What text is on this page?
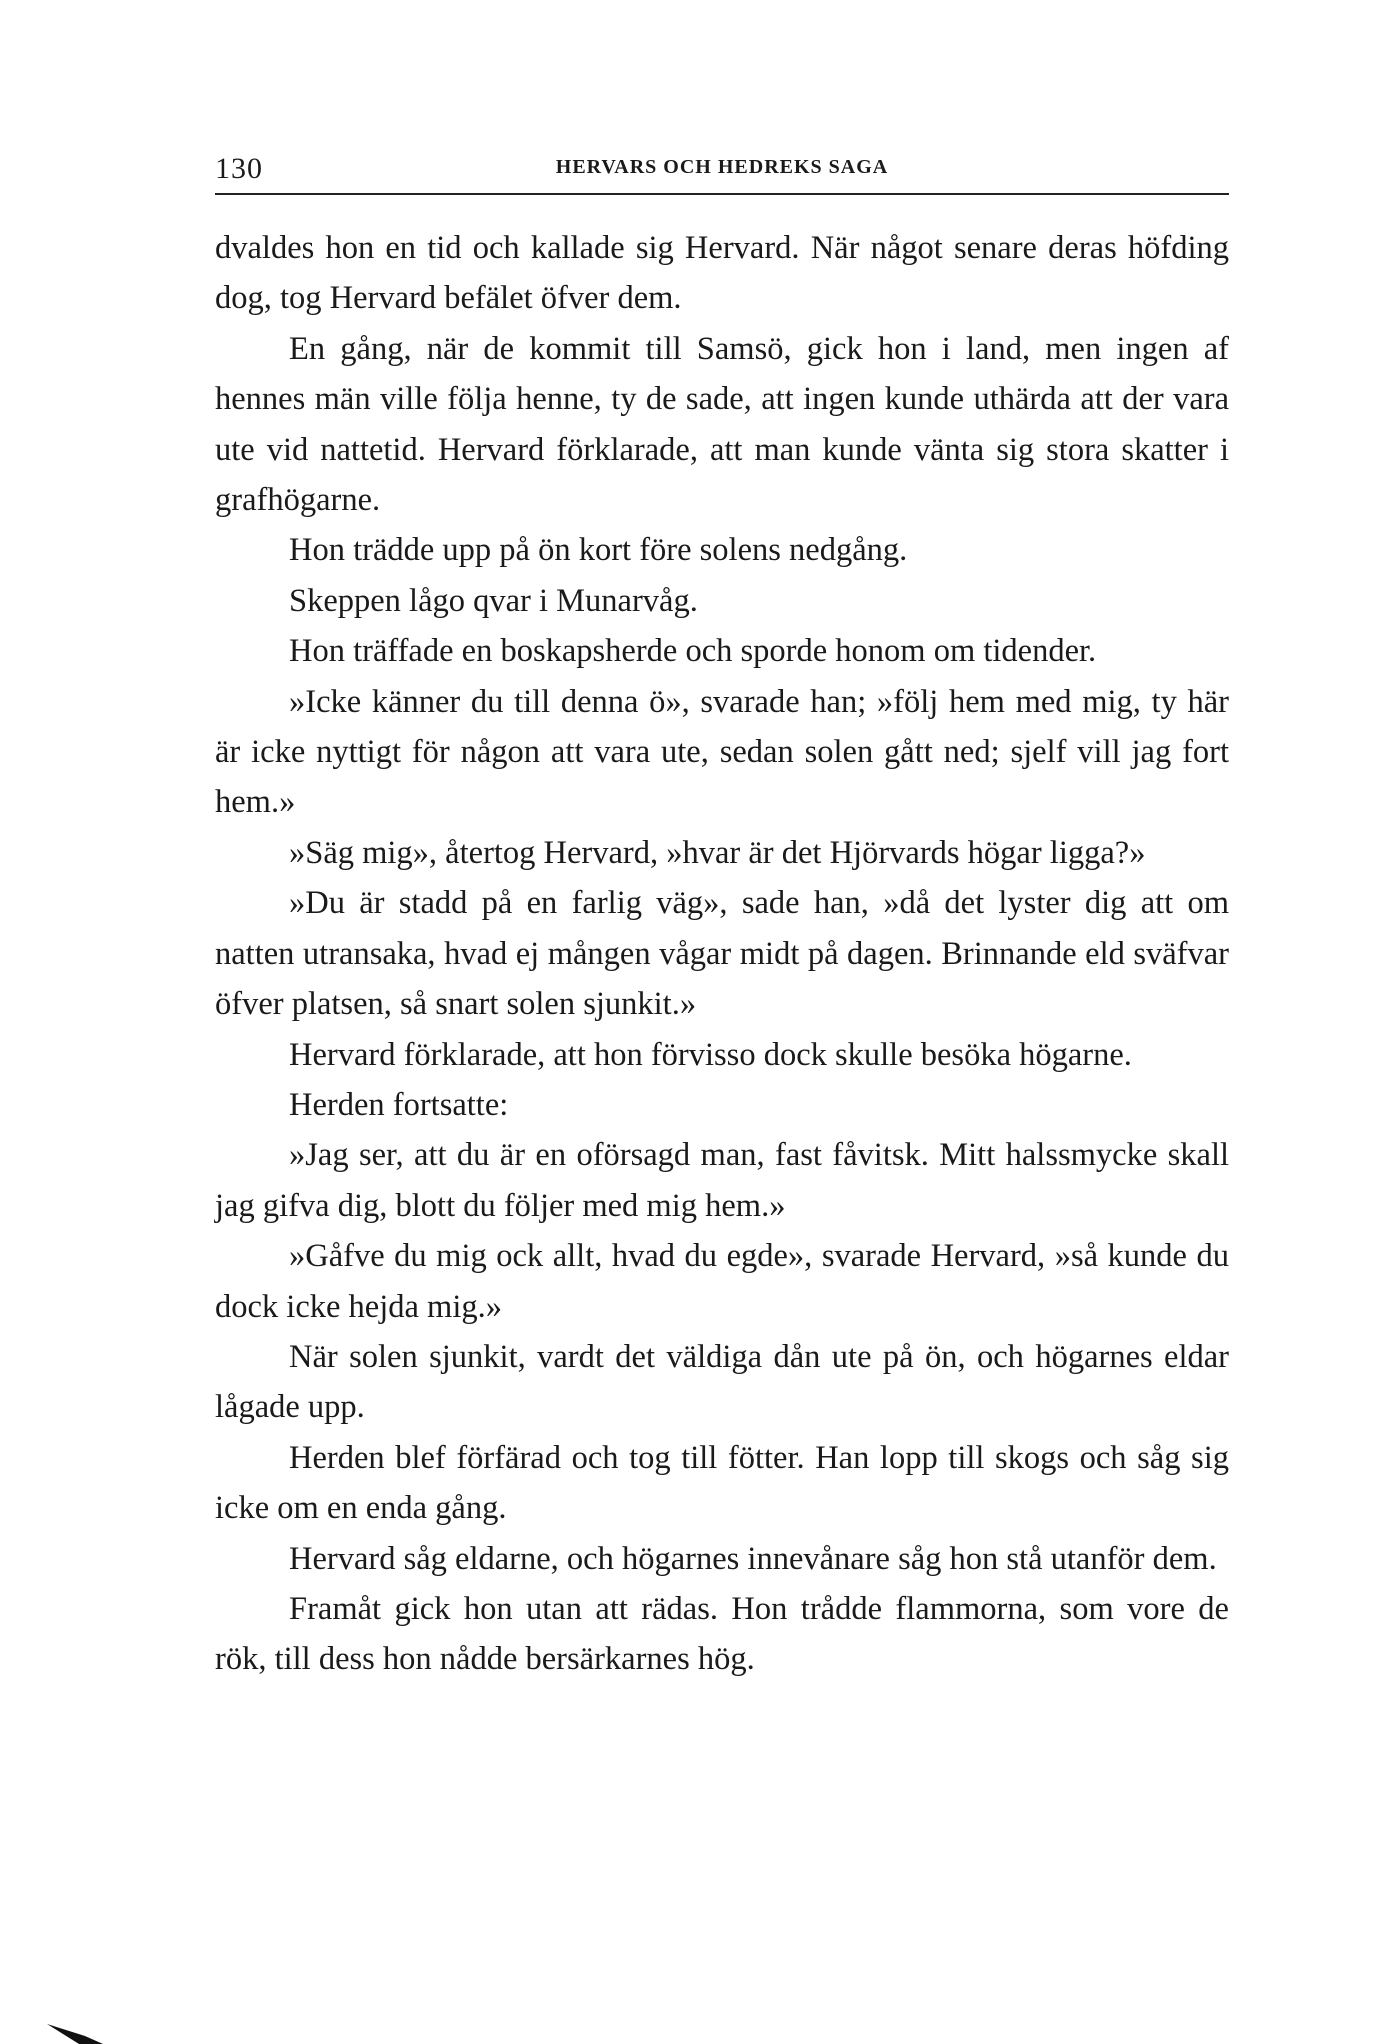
130	HERVARS OCH HEDREKS SAGA

dvaldes hon en tid och kallade sig Hervard. När något senare deras höfding dog, tog Hervard befälet öfver dem.

En gång, när de kommit till Samsö, gick hon i land, men ingen af hennes män ville följa henne, ty de sade, att ingen kunde uthärda att der vara ute vid nattetid. Hervard förklarade, att man kunde vänta sig stora skatter i grafhögarne.

Hon trädde upp på ön kort före solens nedgång.

Skeppen lågo qvar i Munarvåg.

Hon träffade en boskapsherde och sporde honom om tidender.

»Icke känner du till denna ö», svarade han; »följ hem med mig, ty här är icke nyttigt för någon att vara ute, sedan solen gått ned; sjelf vill jag fort hem.»

»Säg mig», återtog Hervard, »hvar är det Hjörvards högar ligga?»

»Du är stadd på en farlig väg», sade han, »då det lyster dig att om natten utransaka, hvad ej mången vågar midt på dagen. Brinnande eld sväfvar öfver platsen, så snart solen sjunkit.»

Hervard förklarade, att hon förvisso dock skulle besöka högarne.

Herden fortsatte:

»Jag ser, att du är en oförsagd man, fast fåvitsk. Mitt halssmycke skall jag gifva dig, blott du följer med mig hem.»

»Gåfve du mig ock allt, hvad du egde», svarade Hervard, »så kunde du dock icke hejda mig.»

När solen sjunkit, vardt det väldiga dån ute på ön, och högarnes eldar lågade upp.

Herden blef förfärad och tog till fötter. Han lopp till skogs och såg sig icke om en enda gång.

Hervard såg eldarne, och högarnes innevånare såg hon stå utanför dem.

Framåt gick hon utan att rädas. Hon trådde flammorna, som vore de rök, till dess hon nådde bersärkarnes hög.
